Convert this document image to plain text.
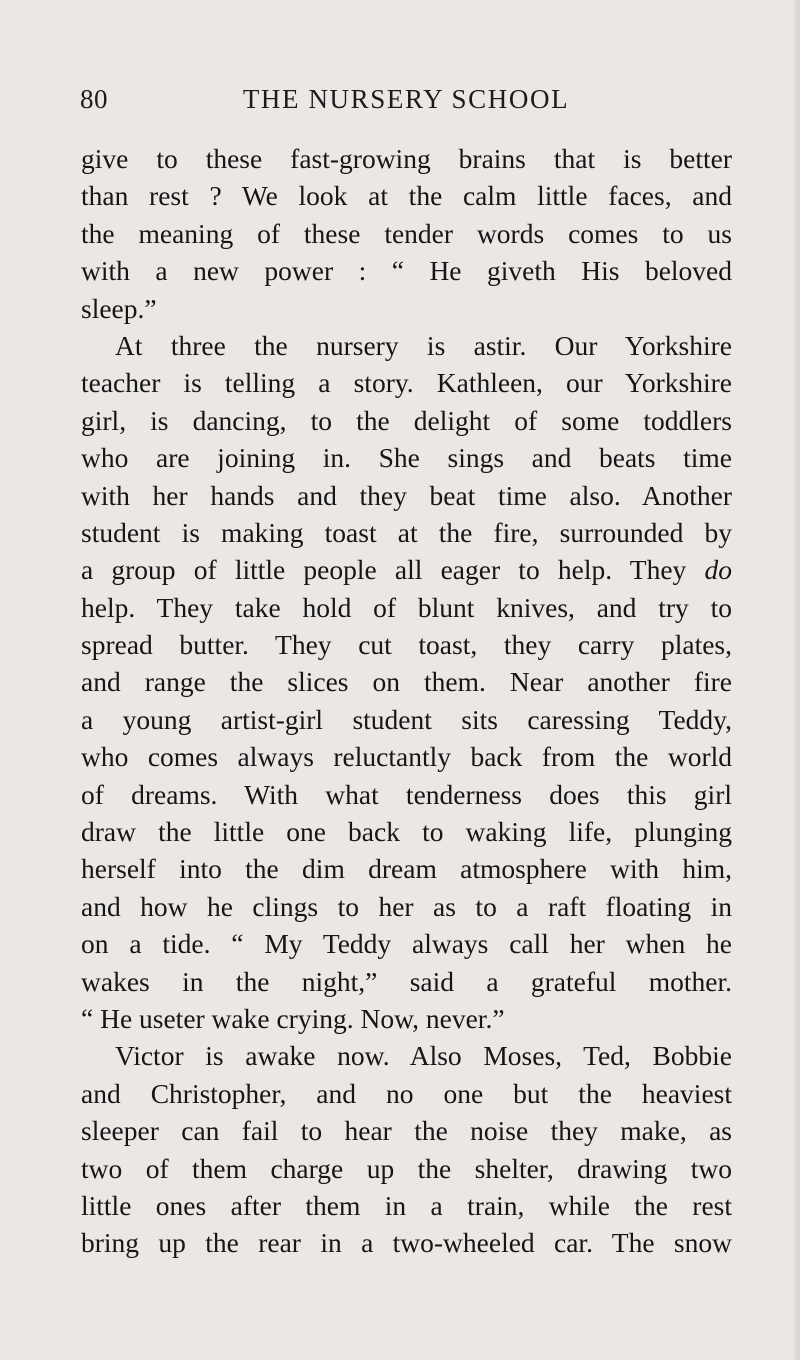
80	THE NURSERY SCHOOL
give to these fast-growing brains that is better
than rest ? We look at the calm little faces, and
the meaning of these tender words comes to us
with a new power : “ He giveth His beloved
sleep.”
At three the nursery is astir. Our Yorkshire
teacher is telling a story. Kathleen, our Yorkshire
girl, is dancing, to the delight of some toddlers
who are joining in. She sings and beats time
with her hands and they beat time also. Another
student is making toast at the fire, surrounded by
a group of little people all eager to help. They do
help. They take hold of blunt knives, and try to
spread butter. They cut toast, they carry plates,
and range the slices on them. Near another fire
a young artist-girl student sits caressing Teddy,
who comes always reluctantly back from the world
of dreams. With what tenderness does this girl
draw the little one back to waking life, plunging
herself into the dim dream atmosphere with him,
and how he clings to her as to a raft floating in
on a tide. “ My Teddy always call her when he
wakes in the night,” said a grateful mother.
“ He useter wake crying. Now, never.”
Victor is awake now. Also Moses, Ted, Bobbie
and Christopher, and no one but the heaviest
sleeper can fail to hear the noise they make, as
two of them charge up the shelter, drawing two
little ones after them in a train, while the rest
bring up the rear in a two-wheeled car. The snow
